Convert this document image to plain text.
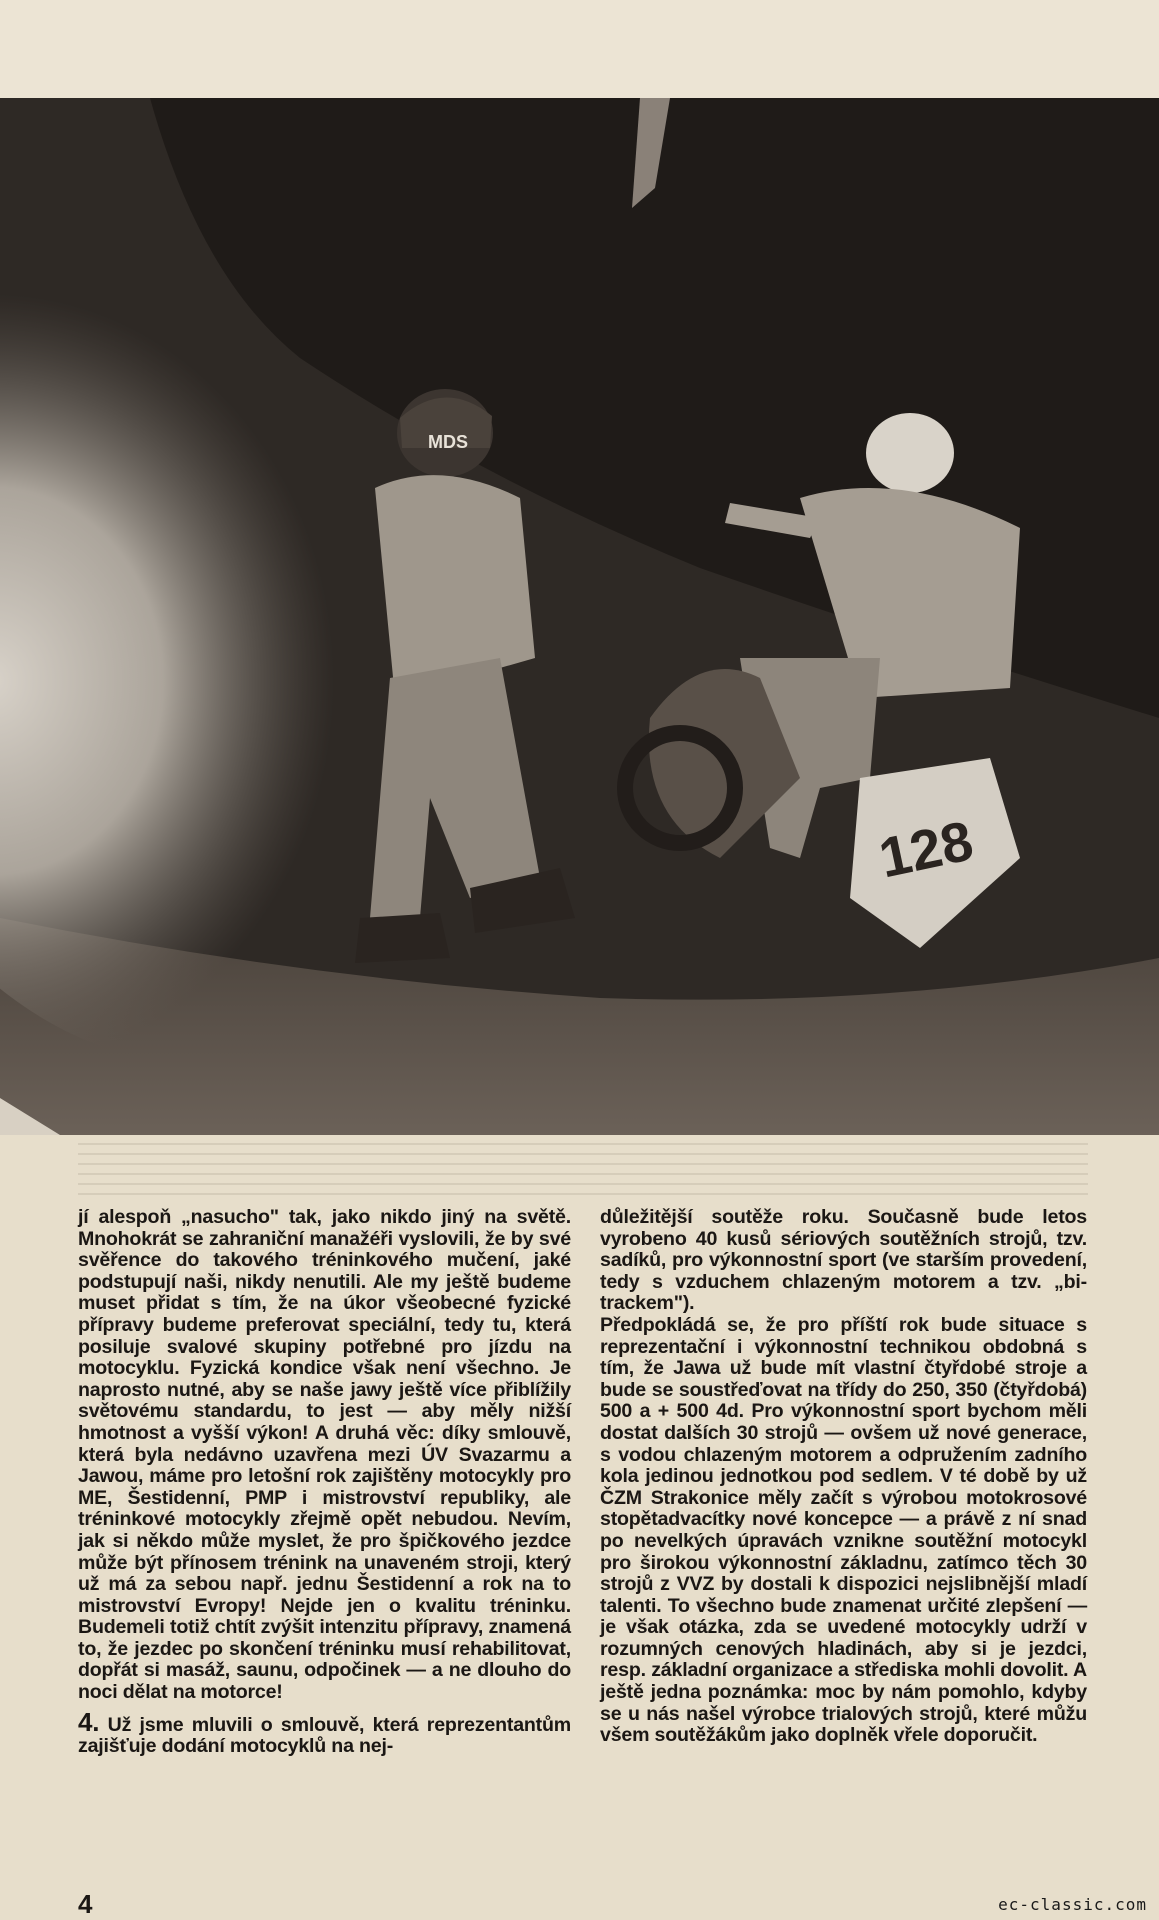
128
MDS

jí alespoň „nasucho" tak, jako nikdo jiný na světě. Mnohokrát se zahraniční manažéři vyslovili, že by své svěřence do takového tréninkového mučení, jaké podstupují naši, nikdy nenutili. Ale my ještě budeme muset přidat s tím, že na úkor všeobecné fyzické přípravy budeme preferovat speciální, tedy tu, která posiluje svalové skupiny potřebné pro jízdu na motocyklu. Fyzická kondice však není všechno. Je naprosto nutné, aby se naše jawy ještě více přiblížily světovému standardu, to jest — aby měly nižší hmotnost a vyšší výkon! A druhá věc: díky smlouvě, která byla nedávno uzavřena mezi ÚV Svazarmu a Jawou, máme pro letošní rok zajištěny motocykly pro ME, Šestidenní, PMP i mistrovství republiky, ale tréninkové motocykly zřejmě opět nebudou. Nevím, jak si někdo může myslet, že pro špičkového jezdce může být přínosem trénink na unaveném stroji, který už má za sebou např. jednu Šestidenní a rok na to mistrovství Evropy! Nejde jen o kvalitu tréninku. Budemeli totiž chtít zvýšit intenzitu přípravy, znamená to, že jezdec po skončení tréninku musí rehabilitovat, dopřát si masáž, saunu, odpočinek — a ne dlouho do noci dělat na motorce!

4. Už jsme mluvili o smlouvě, která reprezentantům zajišťuje dodání motocyklů na nej-

důležitější soutěže roku. Současně bude letos vyrobeno 40 kusů sériových soutěžních strojů, tzv. sadíků, pro výkonnostní sport (ve starším provedení, tedy s vzduchem chlazeným motorem a tzv. „bi-trackem").

Předpokládá se, že pro příští rok bude situace s reprezentační i výkonnostní technikou obdobná s tím, že Jawa už bude mít vlastní čtyřdobé stroje a bude se soustřeďovat na třídy do 250, 350 (čtyřdobá) 500 a + 500 4d. Pro výkonnostní sport bychom měli dostat dalších 30 strojů — ovšem už nové generace, s vodou chlazeným motorem a odpružením zadního kola jedinou jednotkou pod sedlem. V té době by už ČZM Strakonice měly začít s výrobou motokrosové stopětadvacítky nové koncepce — a právě z ní snad po nevelkých úpravách vznikne soutěžní motocykl pro širokou výkonnostní základnu, zatímco těch 30 strojů z VVZ by dostali k dispozici nejslibnější mladí talenti. To všechno bude znamenat určité zlepšení — je však otázka, zda se uvedené motocykly udrží v rozumných cenových hladinách, aby si je jezdci, resp. základní organizace a střediska mohli dovolit. A ještě jedna poznámka: moc by nám pomohlo, kdyby se u nás našel výrobce trialových strojů, které můžu všem soutěžákům jako doplněk vřele doporučit.

4	ec-classic.com
